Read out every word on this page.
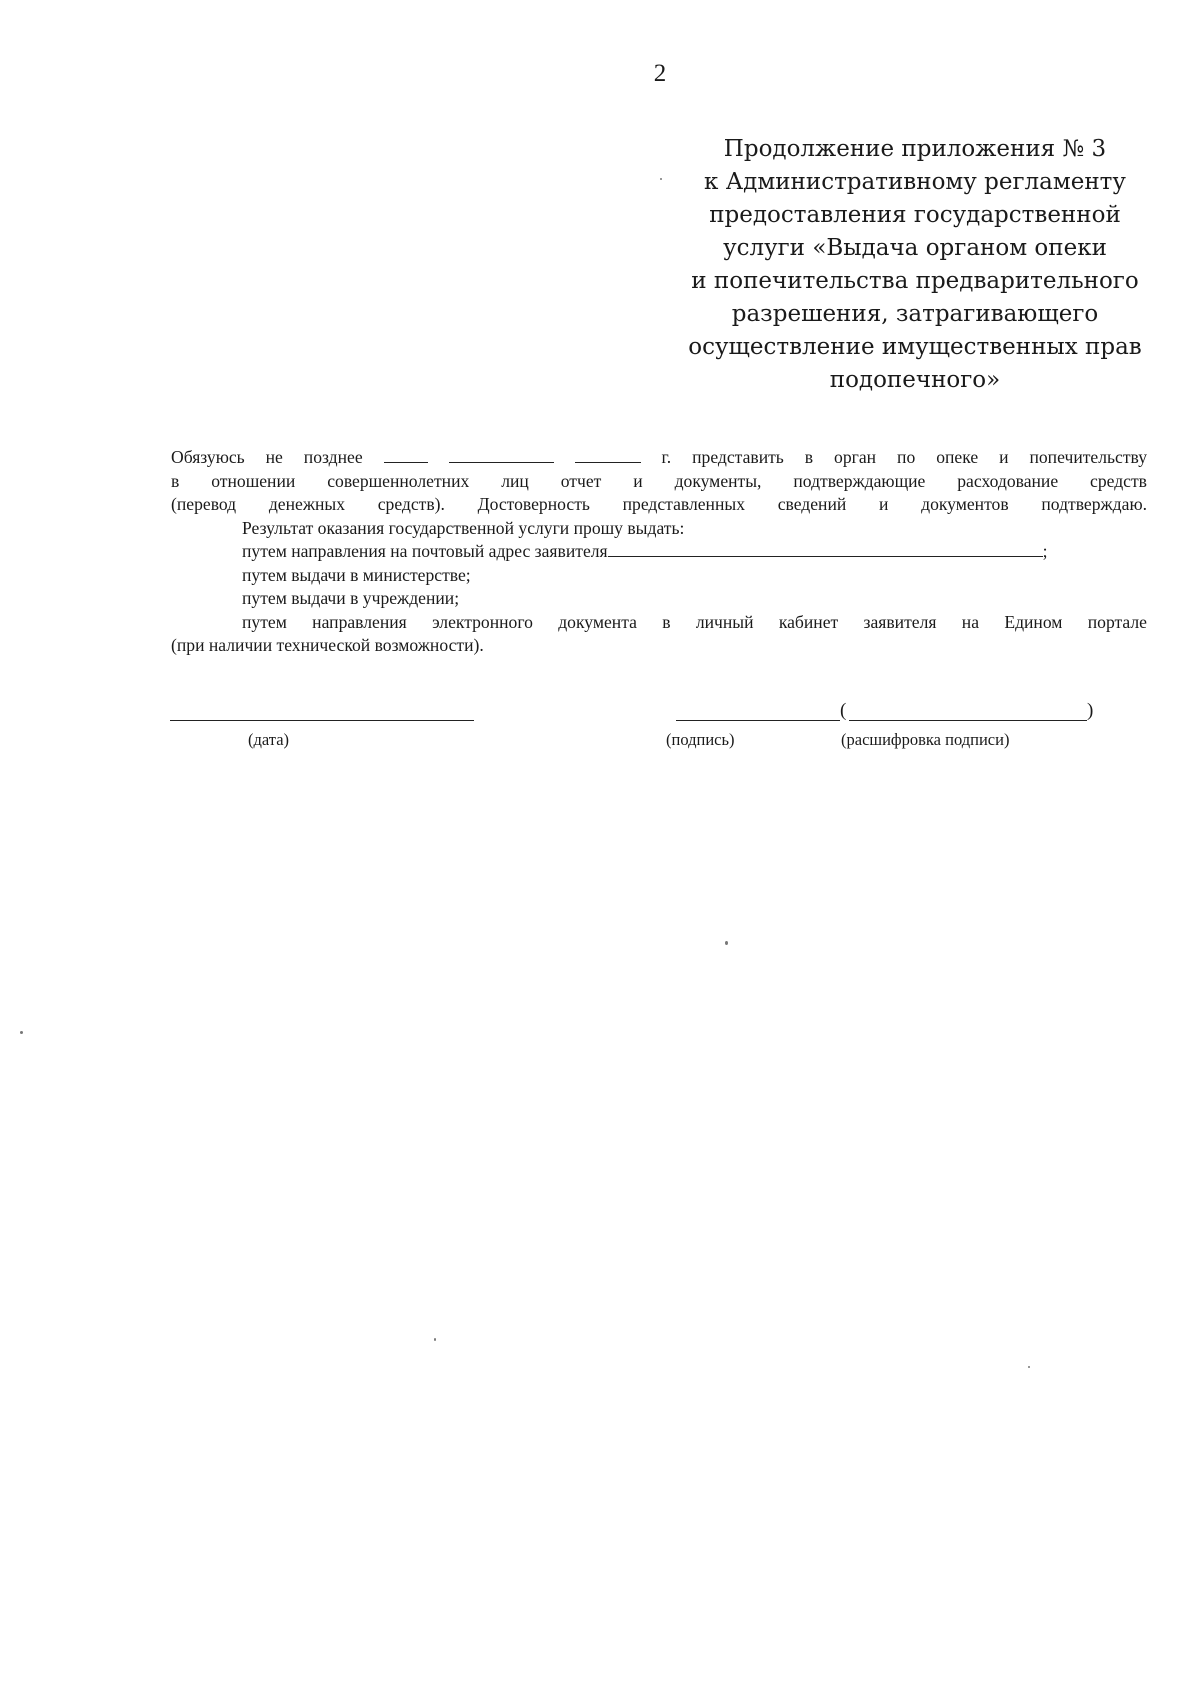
2
Продолжение приложения № 3
к Административному регламенту
предоставления государственной
услуги «Выдача органом опеки
и попечительства предварительного
разрешения, затрагивающего
осуществление имущественных прав
подопечного»
Обязуюсь не позднее	г. представить в орган по опеке и попечительству
в отношении совершеннолетних лиц отчет и документы, подтверждающие расходование средств
(перевод денежных средств). Достоверность представленных сведений и документов подтверждаю.
Результат оказания государственной услуги прошу выдать:
путем направления на почтовый адрес заявителя	;
путем выдачи в министерстве;
путем выдачи в учреждении;
путем направления электронного документа в личный кабинет заявителя на Едином портале
(при наличии технической возможности).
(	)
(дата)	(подпись)	(расшифровка подписи)
